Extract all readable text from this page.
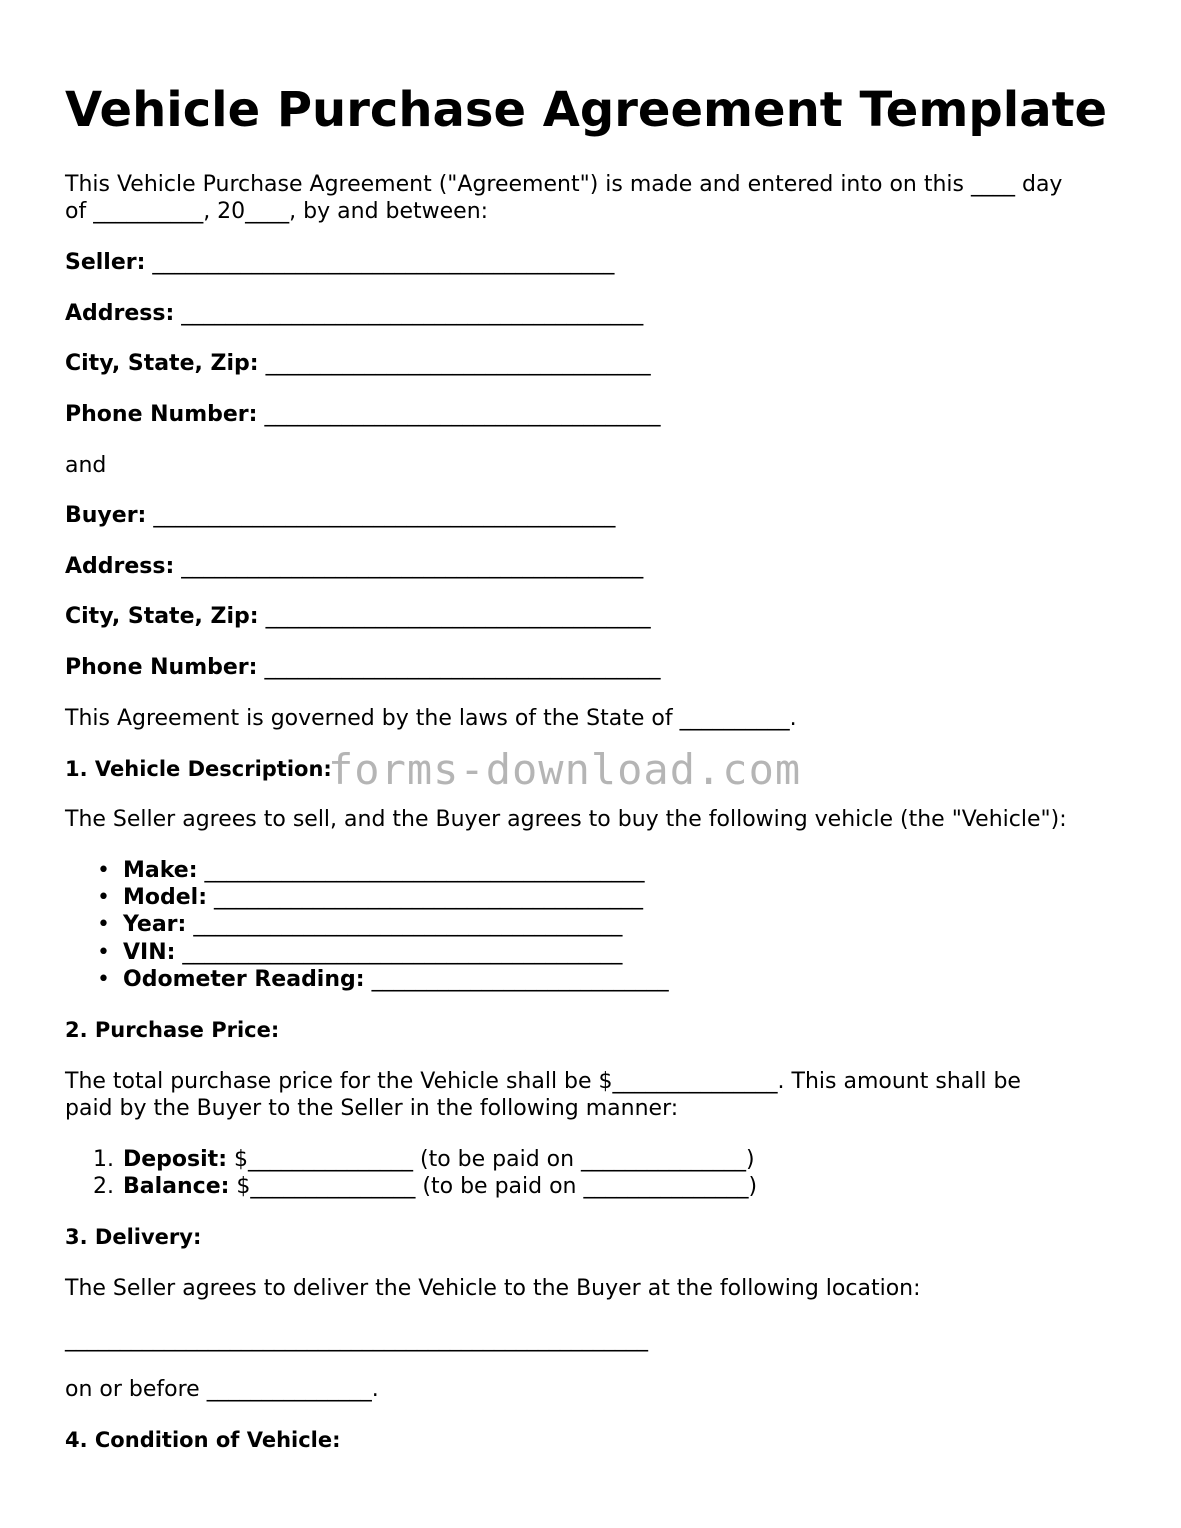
Vehicle Purchase Agreement Template

This Vehicle Purchase Agreement ("Agreement") is made and entered into on this ____ day

of __________, 20____, by and between:

Seller: __________________________________________

Address: __________________________________________

City, State, Zip: ___________________________________

Phone Number: ____________________________________

and

Buyer: __________________________________________

Address: __________________________________________

City, State, Zip: ___________________________________

Phone Number: ____________________________________

This Agreement is governed by the laws of the State of __________.

1. Vehicle Description:

The Seller agrees to sell, and the Buyer agrees to buy the following vehicle (the "Vehicle"):

• Make: ________________________________________

• Model: _______________________________________

• Year: _______________________________________

• VIN: ________________________________________

• Odometer Reading: ___________________________

2. Purchase Price:

The total purchase price for the Vehicle shall be $_______________. This amount shall be

paid by the Buyer to the Seller in the following manner:

1. Deposit: $_______________ (to be paid on _______________)

2. Balance: $_______________ (to be paid on _______________)

3. Delivery:

The Seller agrees to deliver the Vehicle to the Buyer at the following location:

_____________________________________________________

on or before _______________.

4. Condition of Vehicle:

forms-download.com
